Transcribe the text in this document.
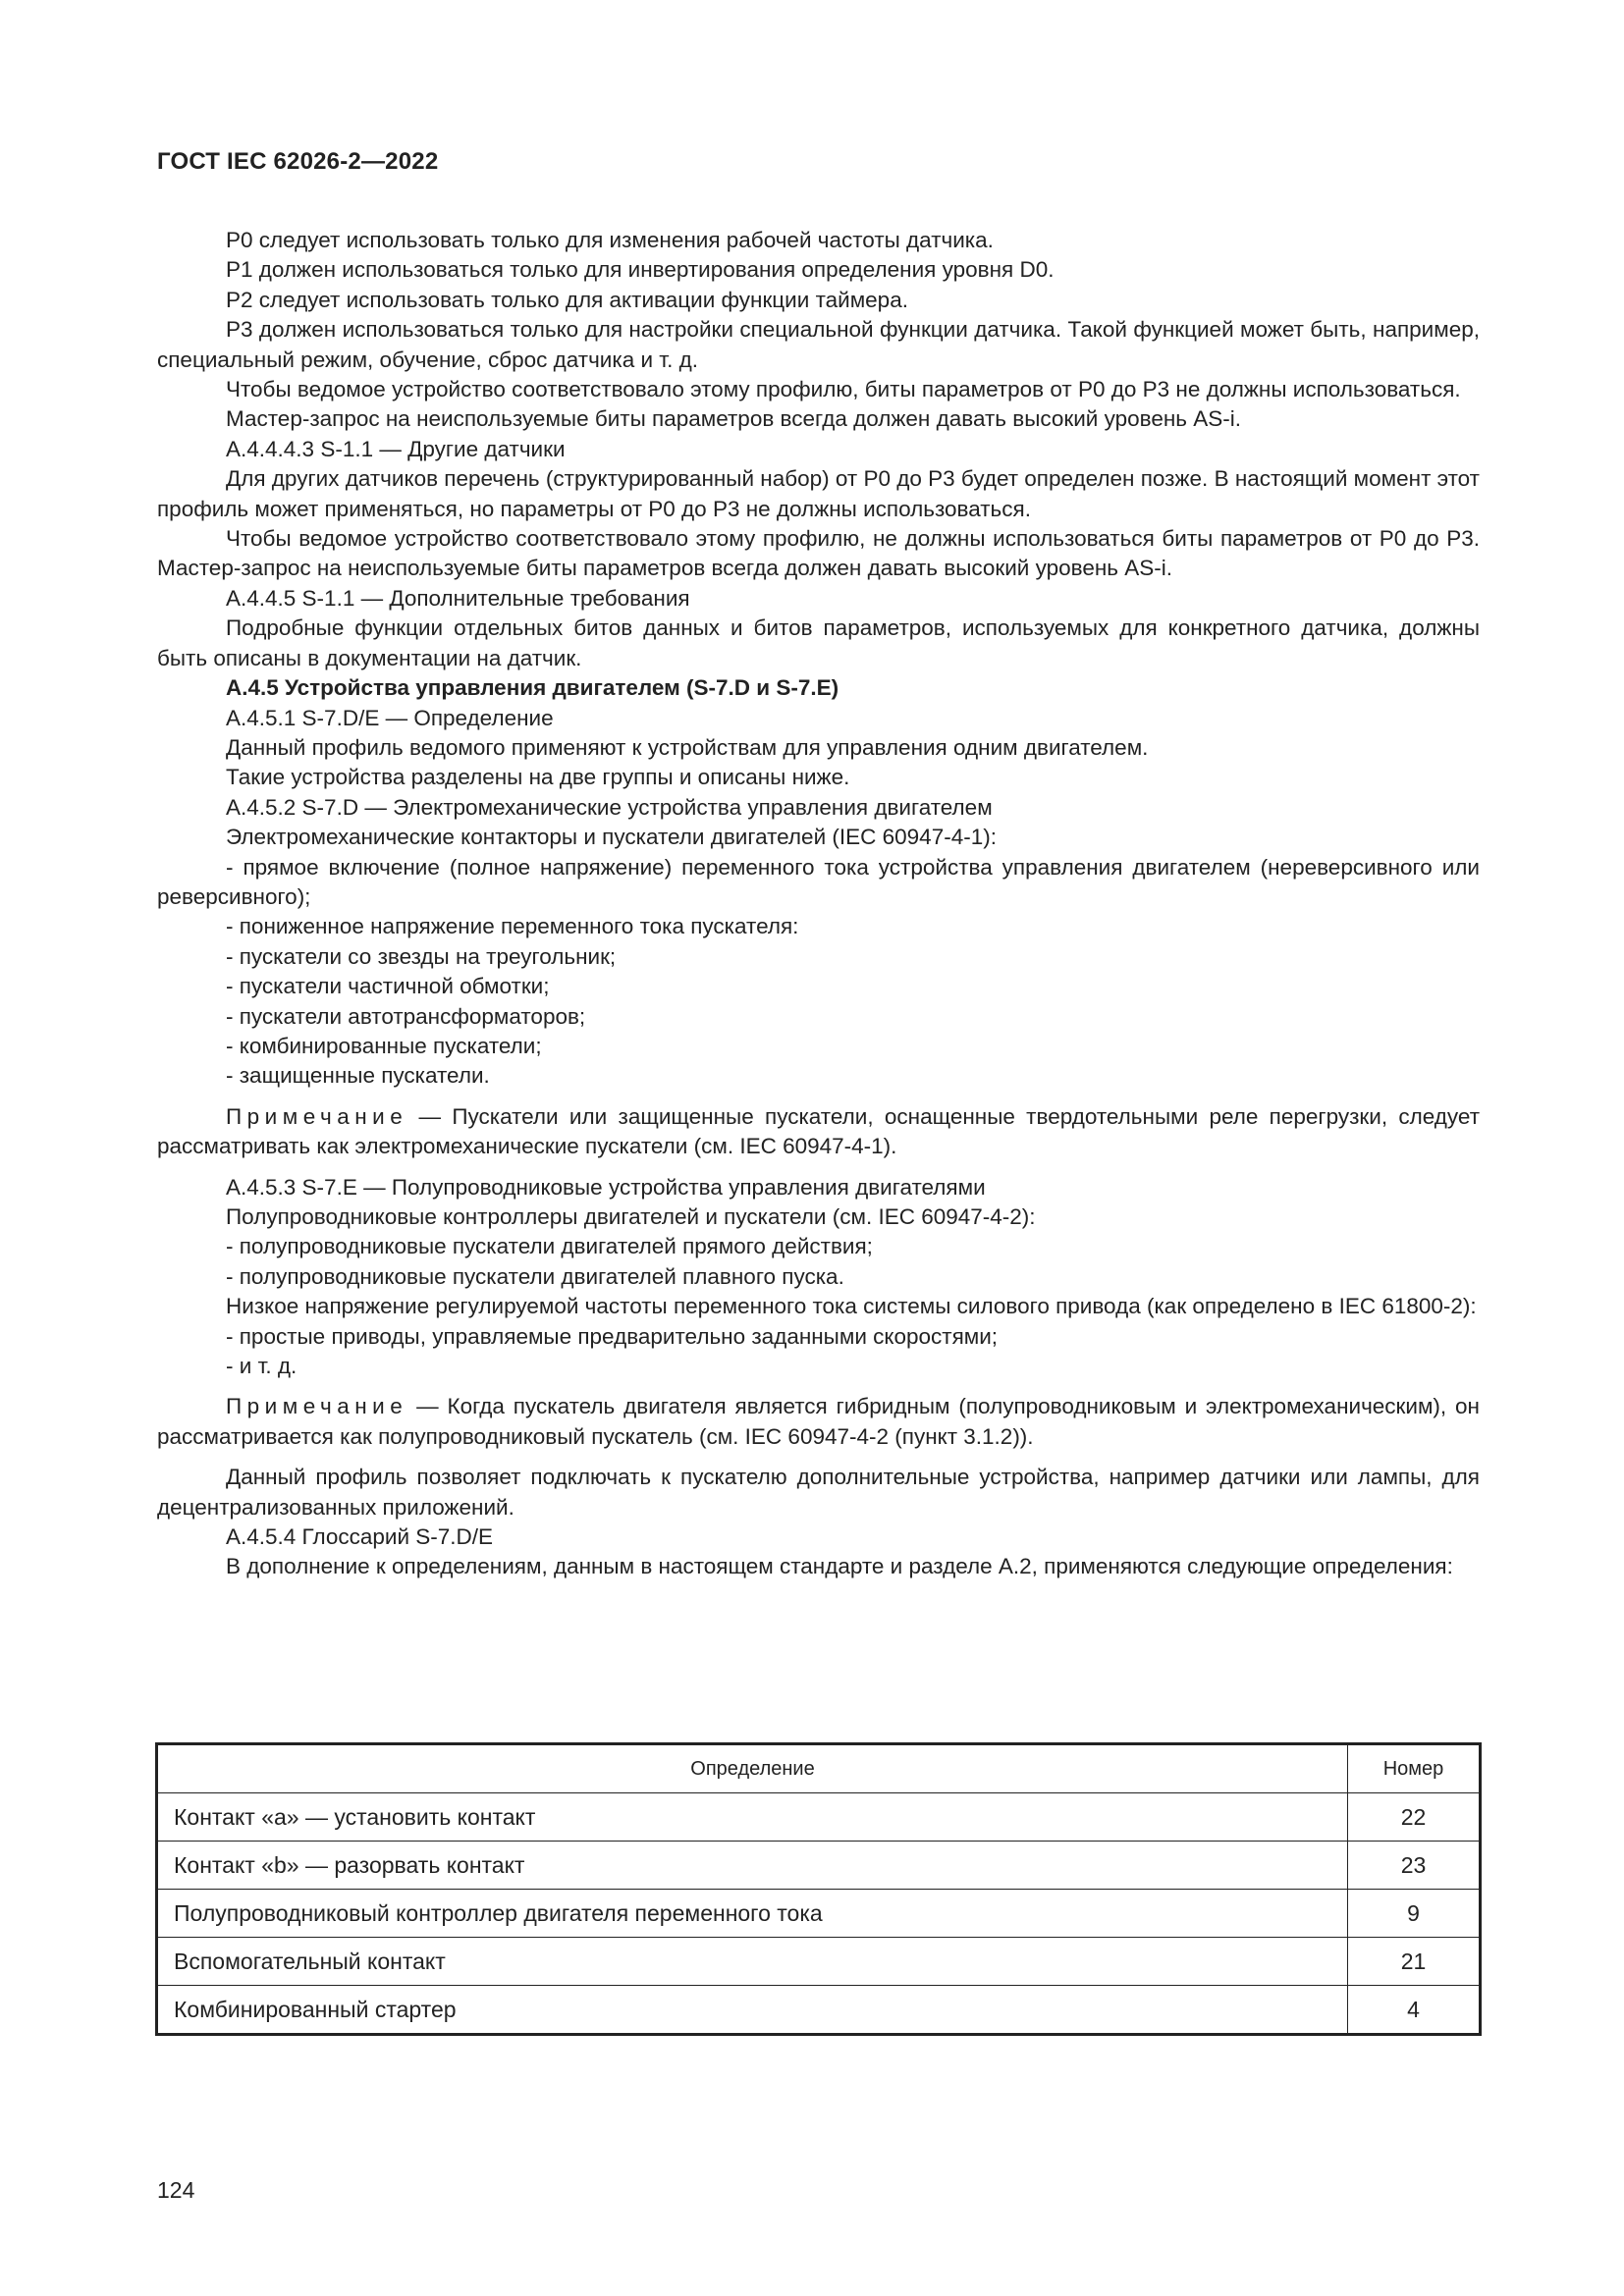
ГОСТ IEC 62026-2—2022

P0 следует использовать только для изменения рабочей частоты датчика.

P1 должен использоваться только для инвертирования определения уровня D0.

P2 следует использовать только для активации функции таймера.

P3 должен использоваться только для настройки специальной функции датчика. Такой функцией может быть, например, специальный режим, обучение, сброс датчика и т. д.

Чтобы ведомое устройство соответствовало этому профилю, биты параметров от P0 до P3 не должны использоваться.

Мастер-запрос на неиспользуемые биты параметров всегда должен давать высокий уровень AS-i.

A.4.4.4.3 S-1.1 — Другие датчики

Для других датчиков перечень (структурированный набор) от P0 до P3 будет определен позже. В настоящий момент этот профиль может применяться, но параметры от P0 до P3 не должны использоваться.

Чтобы ведомое устройство соответствовало этому профилю, не должны использоваться биты параметров от P0 до P3. Мастер-запрос на неиспользуемые биты параметров всегда должен давать высокий уровень AS-i.

A.4.4.5 S-1.1 — Дополнительные требования

Подробные функции отдельных битов данных и битов параметров, используемых для конкретного датчика, должны быть описаны в документации на датчик.

A.4.5 Устройства управления двигателем (S-7.D и S-7.E)

A.4.5.1 S-7.D/E — Определение

Данный профиль ведомого применяют к устройствам для управления одним двигателем.

Такие устройства разделены на две группы и описаны ниже.

A.4.5.2 S-7.D — Электромеханические устройства управления двигателем

Электромеханические контакторы и пускатели двигателей (IEC 60947-4-1):

- прямое включение (полное напряжение) переменного тока устройства управления двигателем (нереверсивного или реверсивного);

- пониженное напряжение переменного тока пускателя:

- пускатели со звезды на треугольник;

- пускатели частичной обмотки;

- пускатели автотрансформаторов;

- комбинированные пускатели;

- защищенные пускатели.

Примечание — Пускатели или защищенные пускатели, оснащенные твердотельными реле перегрузки, следует рассматривать как электромеханические пускатели (см. IEC 60947-4-1).

A.4.5.3 S-7.E — Полупроводниковые устройства управления двигателями

Полупроводниковые контроллеры двигателей и пускатели (см. IEC 60947-4-2):

- полупроводниковые пускатели двигателей прямого действия;

- полупроводниковые пускатели двигателей плавного пуска.

Низкое напряжение регулируемой частоты переменного тока системы силового привода (как определено в IEC 61800-2):

- простые приводы, управляемые предварительно заданными скоростями;

- и т. д.

Примечание — Когда пускатель двигателя является гибридным (полупроводниковым и электромеханическим), он рассматривается как полупроводниковый пускатель (см. IEC 60947-4-2 (пункт 3.1.2)).

Данный профиль позволяет подключать к пускателю дополнительные устройства, например датчики или лампы, для децентрализованных приложений.

A.4.5.4 Глоссарий S-7.D/E

В дополнение к определениям, данным в настоящем стандарте и разделе A.2, применяются следующие определения:

Определение	Номер
Контакт «a» — установить контакт	22
Контакт «b» — разорвать контакт	23
Полупроводниковый контроллер двигателя переменного тока	9
Вспомогательный контакт	21
Комбинированный стартер	4
124
